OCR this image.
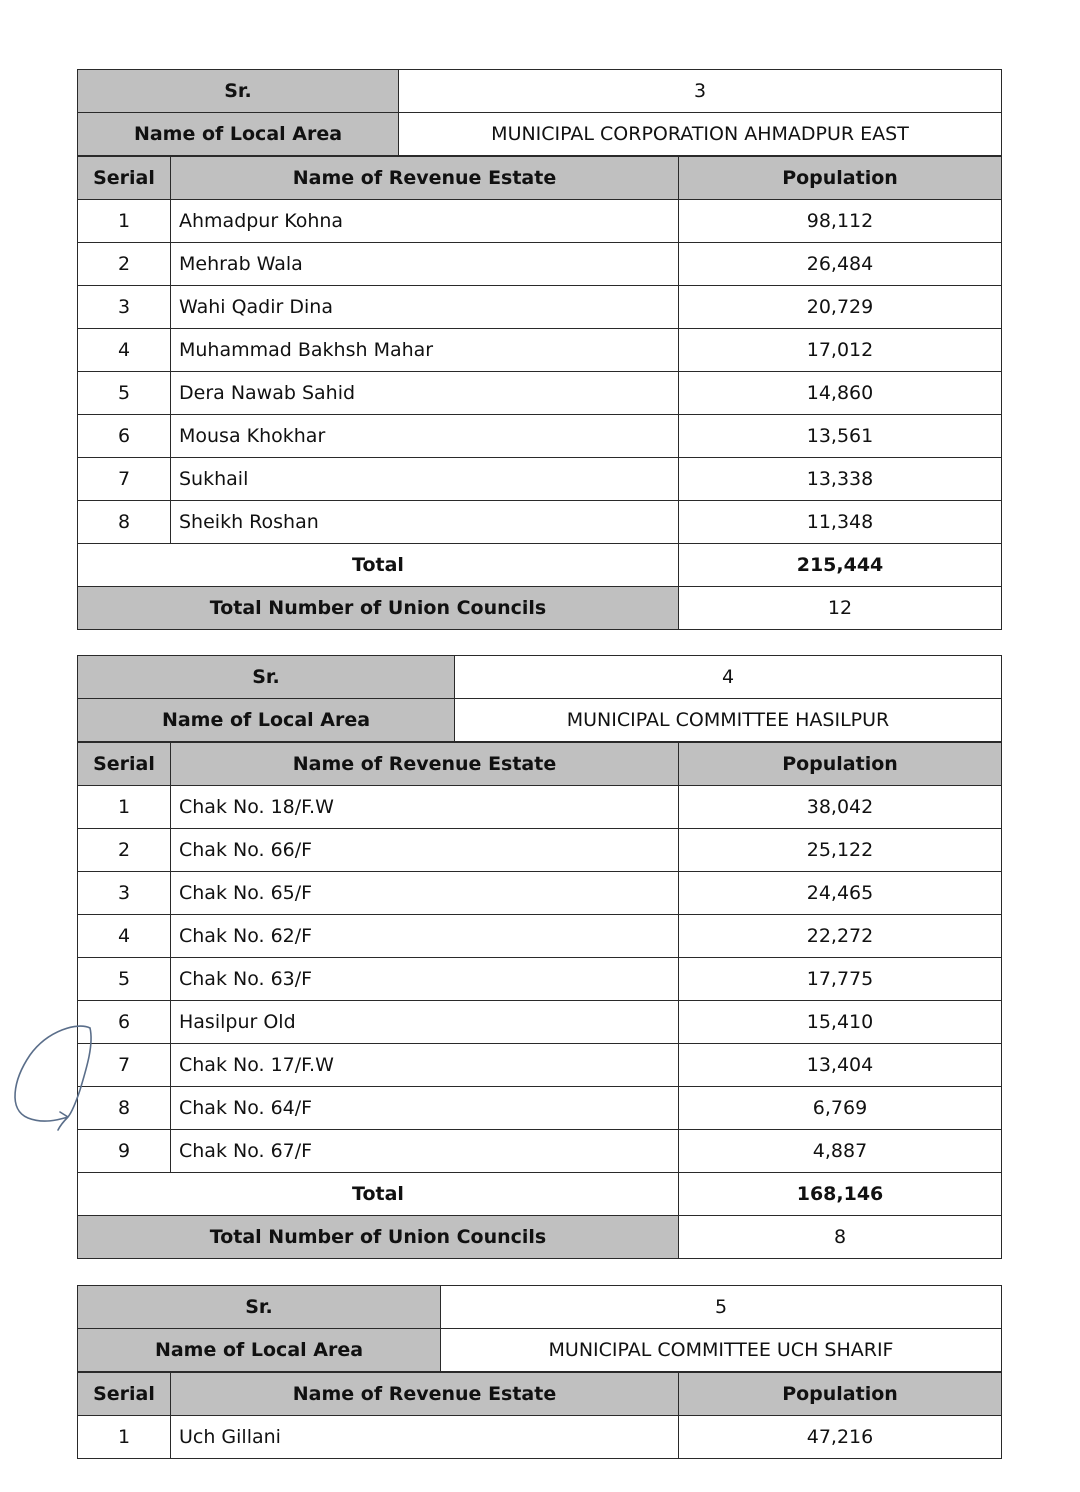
Sr.	3
Name of Local Area	MUNICIPAL CORPORATION AHMADPUR EAST
Serial	Name of Revenue Estate	Population
1	Ahmadpur Kohna	98,112
2	Mehrab Wala	26,484
3	Wahi Qadir Dina	20,729
4	Muhammad Bakhsh Mahar	17,012
5	Dera Nawab Sahid	14,860
6	Mousa Khokhar	13,561
7	Sukhail	13,338
8	Sheikh Roshan	11,348
Total		215,444
Total Number of Union Councils		12
Sr.	4
Name of Local Area	MUNICIPAL COMMITTEE HASILPUR
Serial	Name of Revenue Estate	Population
1	Chak No. 18/F.W	38,042
2	Chak No. 66/F	25,122
3	Chak No. 65/F	24,465
4	Chak No. 62/F	22,272
5	Chak No. 63/F	17,775
6	Hasilpur Old	15,410
7	Chak No. 17/F.W	13,404
8	Chak No. 64/F	6,769
9	Chak No. 67/F	4,887
Total		168,146
Total Number of Union Councils		8
Sr.	5
Name of Local Area	MUNICIPAL COMMITTEE UCH SHARIF
Serial	Name of Revenue Estate	Population
1	Uch Gillani	47,216
